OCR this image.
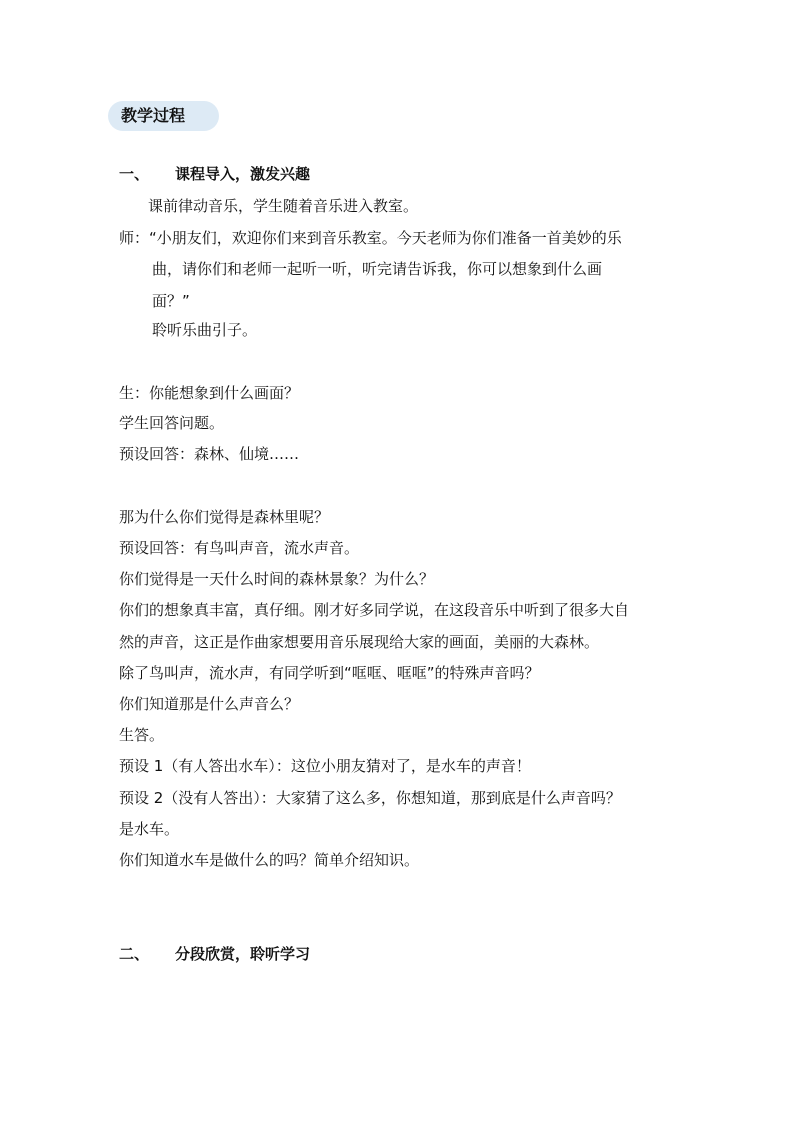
教学过程
一、 课程导入，激发兴趣
课前律动音乐，学生随着音乐进入教室。
师：“小朋友们，欢迎你们来到音乐教室。今天老师为你们准备一首美妙的乐
曲，请你们和老师一起听一听，听完请告诉我，你可以想象到什么画
面？”
聆听乐曲引子。
生：你能想象到什么画面？
学生回答问题。
预设回答：森林、仙境……
那为什么你们觉得是森林里呢？
预设回答：有鸟叫声音，流水声音。
你们觉得是一天什么时间的森林景象？为什么？
你们的想象真丰富，真仔细。刚才好多同学说，在这段音乐中听到了很多大自
然的声音，这正是作曲家想要用音乐展现给大家的画面，美丽的大森林。
除了鸟叫声，流水声，有同学听到“哐哐、哐哐”的特殊声音吗？
你们知道那是什么声音么？
生答。
预设 1（有人答出水车）：这位小朋友猜对了，是水车的声音！
预设 2（没有人答出）：大家猜了这么多，你想知道，那到底是什么声音吗？
是水车。
你们知道水车是做什么的吗？简单介绍知识。
二、 分段欣赏，聆听学习
